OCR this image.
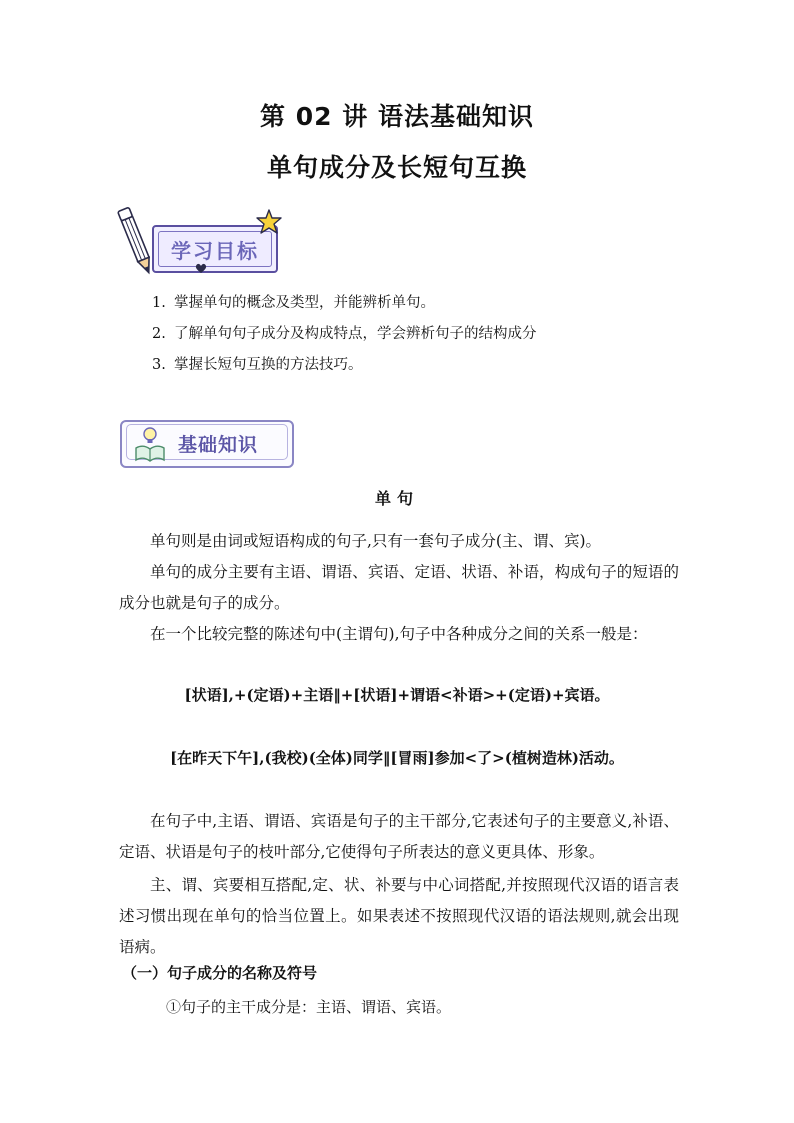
第 02 讲 语法基础知识
单句成分及长短句互换
学习目标
1. 掌握单句的概念及类型，并能辨析单句。
2. 了解单句句子成分及构成特点，学会辨析句子的结构成分
3. 掌握长短句互换的方法技巧。
基础知识
单句
单句则是由词或短语构成的句子,只有一套句子成分(主、谓、宾)。
单句的成分主要有主语、谓语、宾语、定语、状语、补语，构成句子的短语的成分也就是句子的成分。
在一个比较完整的陈述句中(主谓句),句子中各种成分之间的关系一般是：
[状语],+(定语)+主语‖+[状语]+谓语<补语>+(定语)+宾语。
[在昨天下午],(我校)(全体)同学‖[冒雨]参加<了>(植树造林)活动。
在句子中,主语、谓语、宾语是句子的主干部分,它表述句子的主要意义,补语、定语、状语是句子的枝叶部分,它使得句子所表达的意义更具体、形象。
主、谓、宾要相互搭配,定、状、补要与中心词搭配,并按照现代汉语的语言表述习惯出现在单句的恰当位置上。如果表述不按照现代汉语的语法规则,就会出现语病。
（一）句子成分的名称及符号
①句子的主干成分是：主语、谓语、宾语。
